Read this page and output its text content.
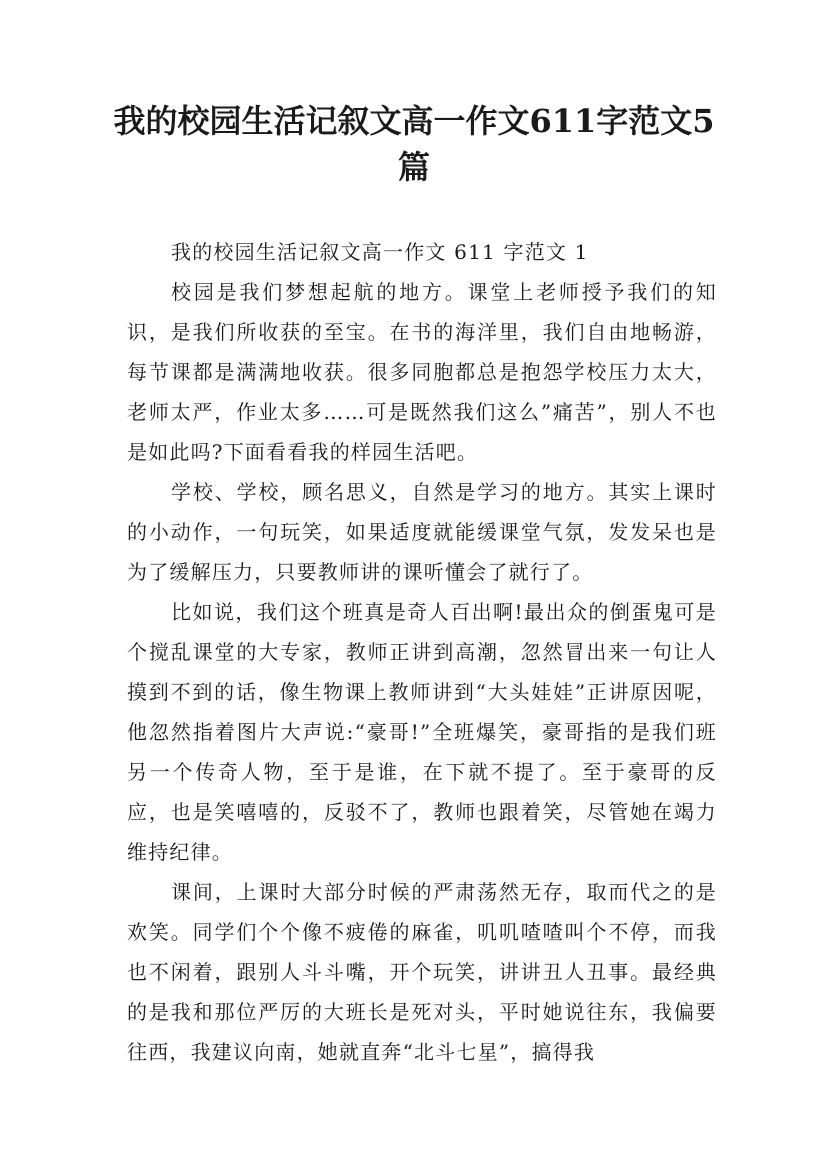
我的校园生活记叙文高一作文611字范文5篇

我的校园生活记叙文高一作文 611 字范文 1

校园是我们梦想起航的地方。课堂上老师授予我们的知识，是我们所收获的至宝。在书的海洋里，我们自由地畅游，每节课都是满满地收获。很多同胞都总是抱怨学校压力太大，老师太严，作业太多……可是既然我们这么”痛苦”，别人不也是如此吗?下面看看我的样园生活吧。

学校、学校，顾名思义，自然是学习的地方。其实上课时的小动作，一句玩笑，如果适度就能缓课堂气氛，发发呆也是为了缓解压力，只要教师讲的课听懂会了就行了。

比如说，我们这个班真是奇人百出啊!最出众的倒蛋鬼可是个搅乱课堂的大专家，教师正讲到高潮，忽然冒出来一句让人摸到不到的话，像生物课上教师讲到“大头娃娃”正讲原因呢，他忽然指着图片大声说:“豪哥!”全班爆笑，豪哥指的是我们班另一个传奇人物，至于是谁，在下就不提了。至于豪哥的反应，也是笑嘻嘻的，反驳不了，教师也跟着笑，尽管她在竭力维持纪律。

课间，上课时大部分时候的严肃荡然无存，取而代之的是欢笑。同学们个个像不疲倦的麻雀，叽叽喳喳叫个不停，而我也不闲着，跟别人斗斗嘴，开个玩笑，讲讲丑人丑事。最经典的是我和那位严厉的大班长是死对头，平时她说往东，我偏要往西，我建议向南，她就直奔“北斗七星”，搞得我
